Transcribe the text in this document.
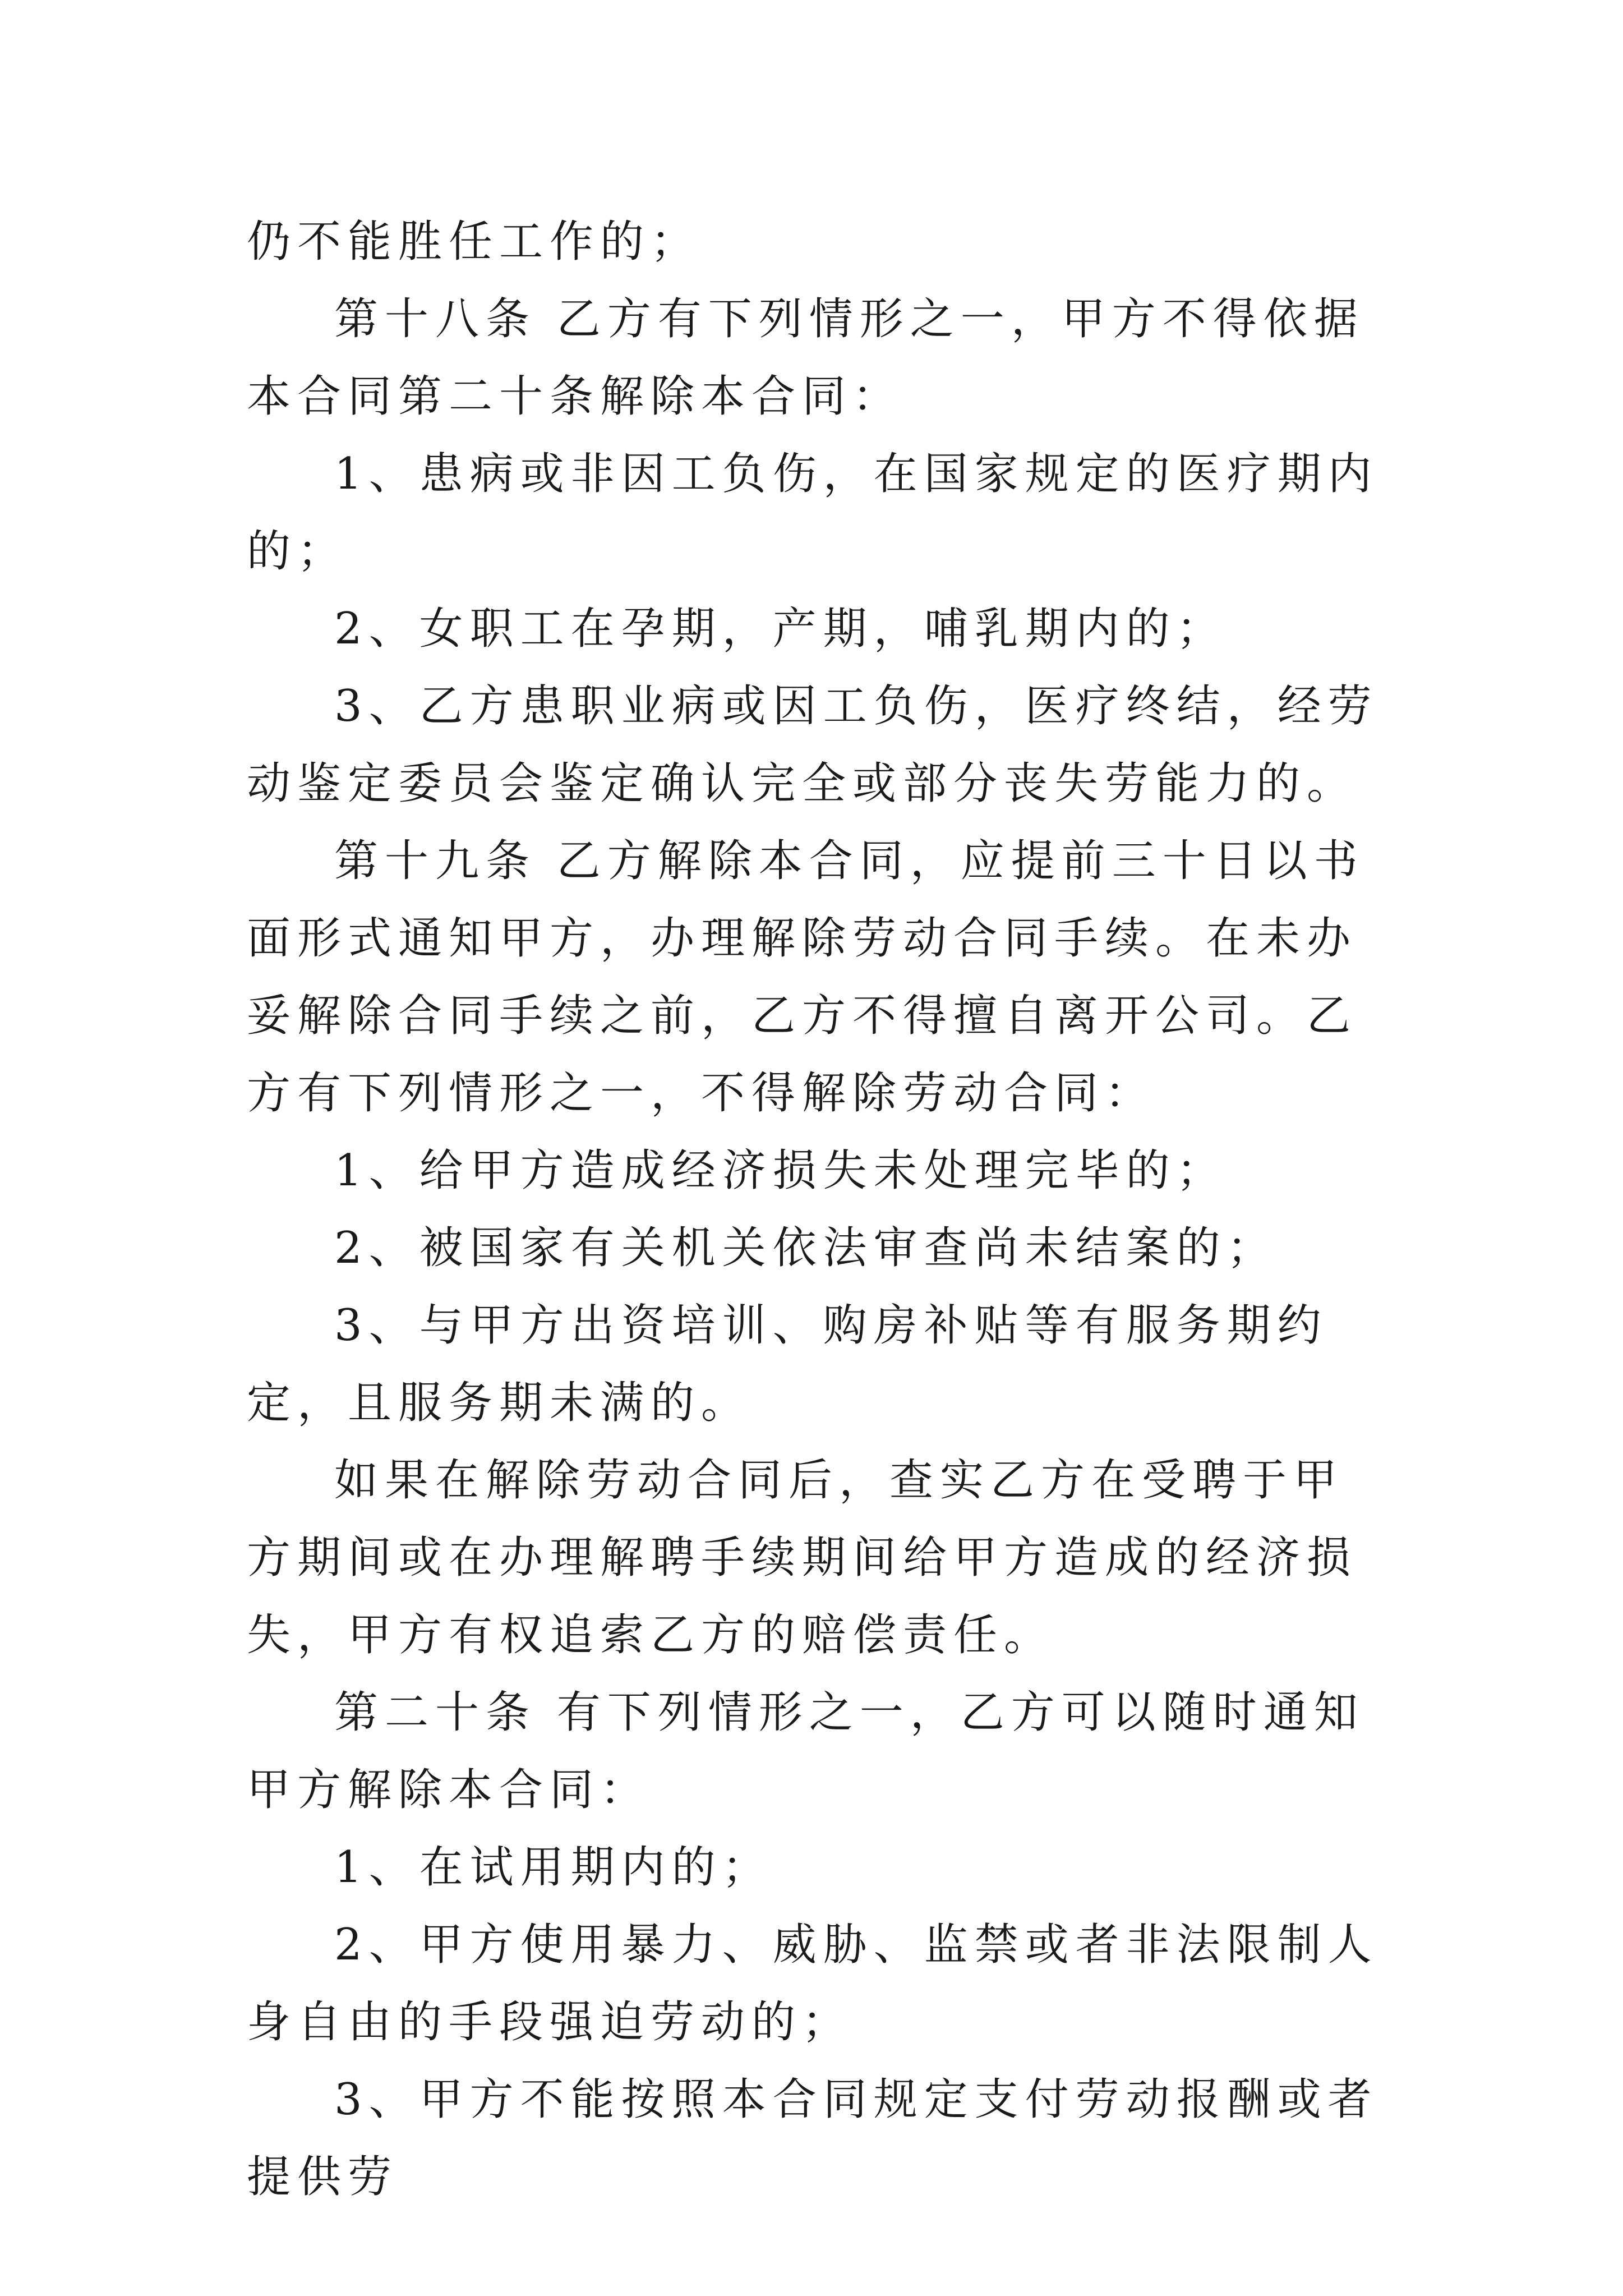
仍不能胜任工作的；

第十八条 乙方有下列情形之一，甲方不得依据本合同第二十条解除本合同：

1、患病或非因工负伤，在国家规定的医疗期内的；

2、女职工在孕期，产期，哺乳期内的；

3、乙方患职业病或因工负伤，医疗终结，经劳动鉴定委员会鉴定确认完全或部分丧失劳能力的。

第十九条 乙方解除本合同，应提前三十日以书面形式通知甲方，办理解除劳动合同手续。在未办妥解除合同手续之前，乙方不得擅自离开公司。乙方有下列情形之一，不得解除劳动合同：

1、给甲方造成经济损失未处理完毕的；

2、被国家有关机关依法审查尚未结案的；

3、与甲方出资培训、购房补贴等有服务期约定，且服务期未满的。

如果在解除劳动合同后，查实乙方在受聘于甲方期间或在办理解聘手续期间给甲方造成的经济损失，甲方有权追索乙方的赔偿责任。

第二十条 有下列情形之一，乙方可以随时通知甲方解除本合同：

1、在试用期内的；

2、甲方使用暴力、威胁、监禁或者非法限制人身自由的手段强迫劳动的；

3、甲方不能按照本合同规定支付劳动报酬或者提供劳
